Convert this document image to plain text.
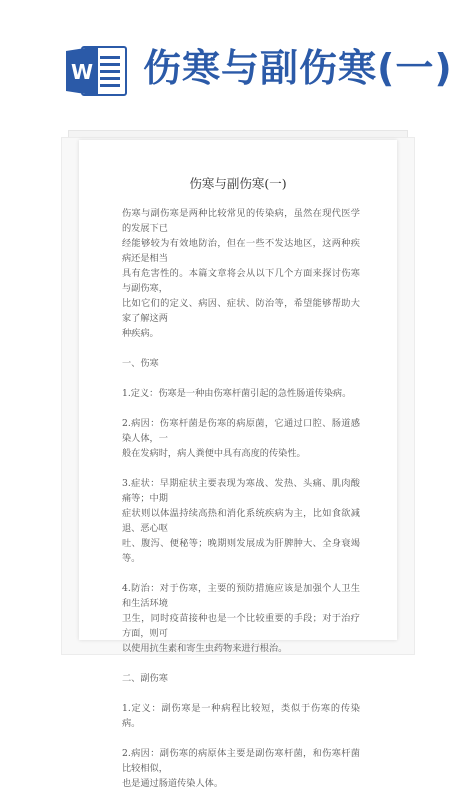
W 伤寒与副伤寒(一)
伤寒与副伤寒(一)

伤寒与副伤寒是两种比较常见的传染病，虽然在现代医学的发展下已

经能够较为有效地防治，但在一些不发达地区，这两种疾病还是相当

具有危害性的。本篇文章将会从以下几个方面来探讨伤寒与副伤寒，

比如它们的定义、病因、症状、防治等，希望能够帮助大家了解这两

种疾病。

一、伤寒

1.定义：伤寒是一种由伤寒杆菌引起的急性肠道传染病。

2.病因：伤寒杆菌是伤寒的病原菌，它通过口腔、肠道感染人体，一

般在发病时，病人粪便中具有高度的传染性。

3.症状：早期症状主要表现为寒战、发热、头痛、肌肉酸痛等；中期

症状则以体温持续高热和消化系统疾病为主，比如食欲减退、恶心呕

吐、腹泻、便秘等；晚期则发展成为肝脾肿大、全身衰竭等。

4.防治：对于伤寒，主要的预防措施应该是加强个人卫生和生活环境

卫生，同时疫苗接种也是一个比较重要的手段；对于治疗方面，则可

以使用抗生素和寄生虫药物来进行根治。

二、副伤寒

1.定义：副伤寒是一种病程比较短，类似于伤寒的传染病。

2.病因：副伤寒的病原体主要是副伤寒杆菌，和伤寒杆菌比较相似，

也是通过肠道传染人体。
